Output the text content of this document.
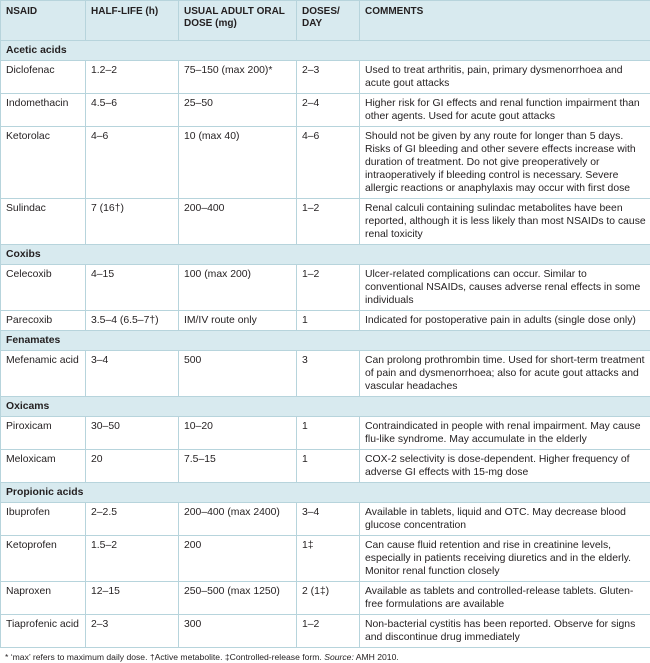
NSAID	HALF-LIFE (h)	USUAL ADULT ORAL DOSE (mg)	DOSES/ DAY	COMMENTS
Acetic acids				
Diclofenac	1.2–2	75–150 (max 200)*	2–3	Used to treat arthritis, pain, primary dysmenorrhoea and acute gout attacks
Indomethacin	4.5–6	25–50	2–4	Higher risk for GI effects and renal function impairment than other agents. Used for acute gout attacks
Ketorolac	4–6	10 (max 40)	4–6	Should not be given by any route for longer than 5 days. Risks of GI bleeding and other severe effects increase with duration of treatment. Do not give preoperatively or intraoperatively if bleeding control is necessary. Severe allergic reactions or anaphylaxis may occur with first dose
Sulindac	7 (16†)	200–400	1–2	Renal calculi containing sulindac metabolites have been reported, although it is less likely than most NSAIDs to cause renal toxicity
Coxibs				
Celecoxib	4–15	100 (max 200)	1–2	Ulcer-related complications can occur. Similar to conventional NSAIDs, causes adverse renal effects in some individuals
Parecoxib	3.5–4 (6.5–7†)	IM/IV route only	1	Indicated for postoperative pain in adults (single dose only)
Fenamates				
Mefenamic acid	3–4	500	3	Can prolong prothrombin time. Used for short-term treatment of pain and dysmenorrhoea; also for acute gout attacks and vascular headaches
Oxicams				
Piroxicam	30–50	10–20	1	Contraindicated in people with renal impairment. May cause flu-like syndrome. May accumulate in the elderly
Meloxicam	20	7.5–15	1	COX-2 selectivity is dose-dependent. Higher frequency of adverse GI effects with 15-mg dose
Propionic acids				
Ibuprofen	2–2.5	200–400 (max 2400)	3–4	Available in tablets, liquid and OTC. May decrease blood glucose concentration
Ketoprofen	1.5–2	200	1‡	Can cause fluid retention and rise in creatinine levels, especially in patients receiving diuretics and in the elderly. Monitor renal function closely
Naproxen	12–15	250–500 (max 1250)	2 (1‡)	Available as tablets and controlled-release tablets. Gluten-free formulations are available
Tiaprofenic acid	2–3	300	1–2	Non-bacterial cystitis has been reported. Observe for signs and discontinue drug immediately
* ‘max’ refers to maximum daily dose. †Active metabolite. ‡Controlled-release form. Source: AMH 2010.
